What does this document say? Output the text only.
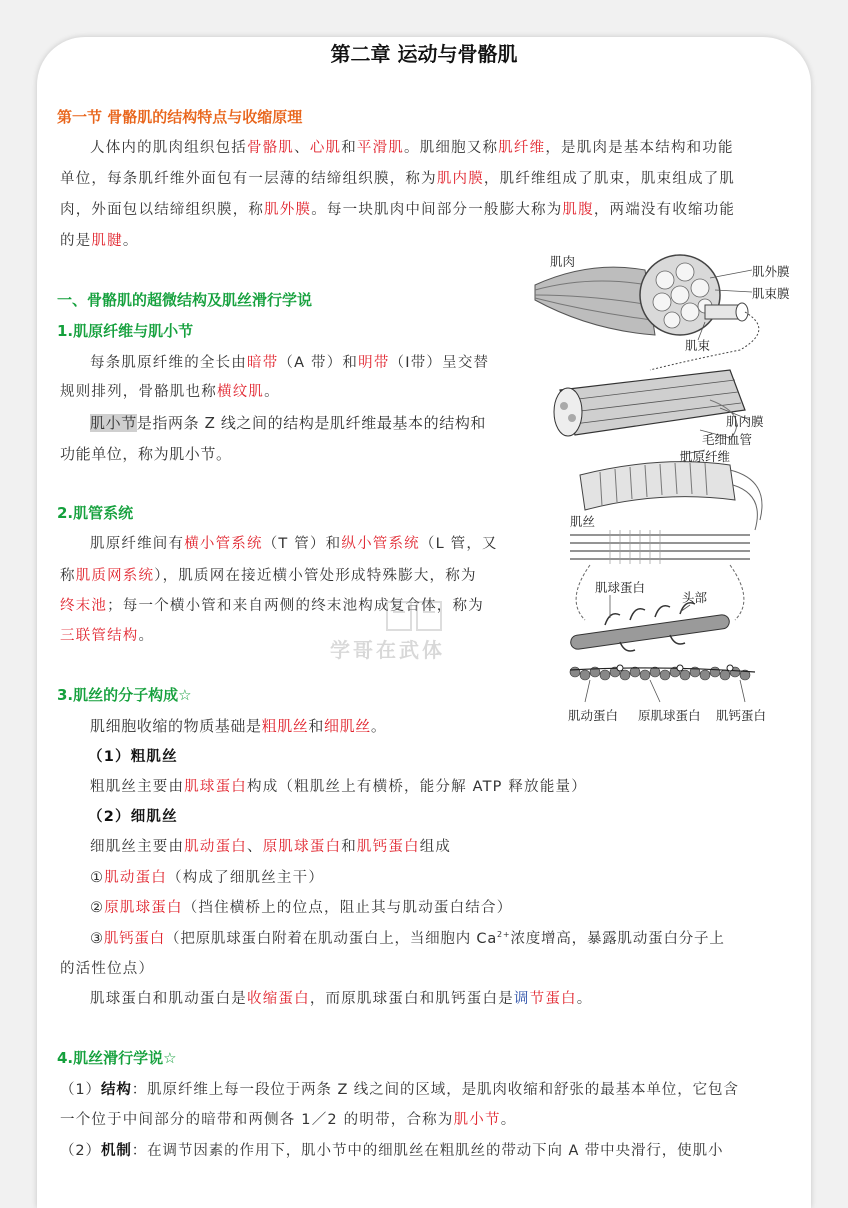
第二章 运动与骨骼肌
第一节 骨骼肌的结构特点与收缩原理
人体内的肌肉组织包括骨骼肌、心肌和平滑肌。肌细胞又称肌纤维，是肌肉是基本结构和功能
单位，每条肌纤维外面包有一层薄的结缔组织膜，称为肌内膜，肌纤维组成了肌束，肌束组成了肌
肉，外面包以结缔组织膜，称肌外膜。每一块肌肉中间部分一般膨大称为肌腹，两端没有收缩功能
的是肌腱。
一、骨骼肌的超微结构及肌丝滑行学说
1.肌原纤维与肌小节
每条肌原纤维的全长由暗带（A 带）和明带（Ⅰ带）呈交替
规则排列，骨骼肌也称横纹肌。
肌小节是指两条 Z 线之间的结构是肌纤维最基本的结构和
功能单位，称为肌小节。
2.肌管系统
肌原纤维间有横小管系统（T 管）和纵小管系统（L 管，又
称肌质网系统），肌质网在接近横小管处形成特殊膨大，称为
终末池；每一个横小管和来自两侧的终末池构成复合体，称为
三联管结构。
3.肌丝的分子构成☆
肌细胞收缩的物质基础是粗肌丝和细肌丝。
（1）粗肌丝
粗肌丝主要由肌球蛋白构成（粗肌丝上有横桥，能分解 ATP 释放能量）
（2）细肌丝
细肌丝主要由肌动蛋白、原肌球蛋白和肌钙蛋白组成
①肌动蛋白（构成了细肌丝主干）
②原肌球蛋白（挡住横桥上的位点，阻止其与肌动蛋白结合）
③肌钙蛋白（把原肌球蛋白附着在肌动蛋白上，当细胞内 $Ca^{2+}$浓度增高，暴露肌动蛋白分子上
的活性位点）
肌球蛋白和肌动蛋白是收缩蛋白，而原肌球蛋白和肌钙蛋白是调节蛋白。
4.肌丝滑行学说☆
（1）结构：肌原纤维上每一段位于两条 Z 线之间的区域，是肌肉收缩和舒张的最基本单位，它包含
一个位于中间部分的暗带和两侧各 1／2 的明带，合称为肌小节。
（2）机制：在调节因素的作用下，肌小节中的细肌丝在粗肌丝的带动下向 A 带中央滑行，使肌小
肌肉
肌外膜
肌束膜
肌束
肌内膜
毛细血管
肌原纤维
肌丝
肌球蛋白
头部
肌动蛋白 原肌球蛋白 肌钙蛋白
学哥在武体
